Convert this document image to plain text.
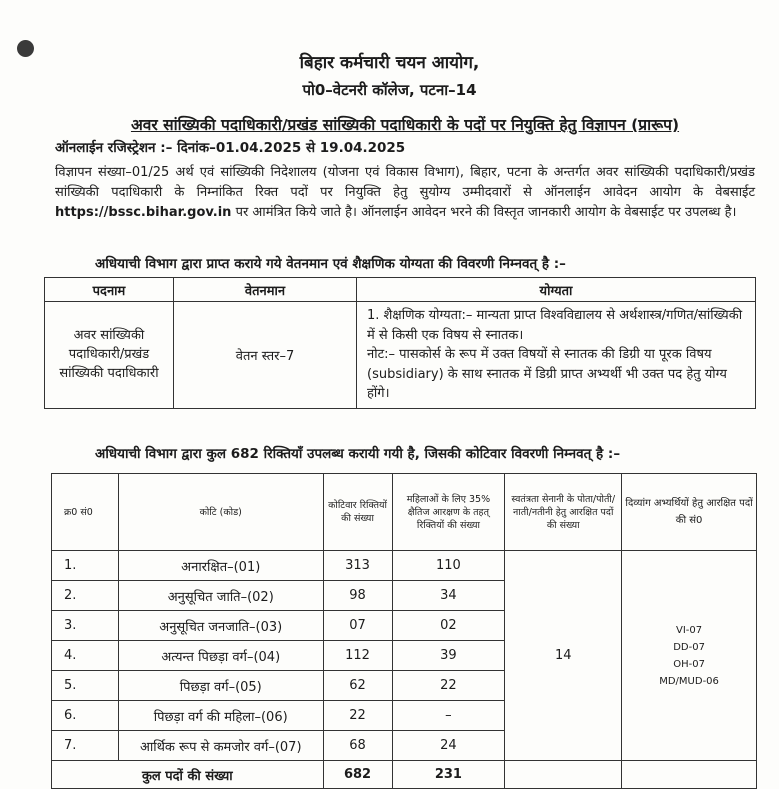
बिहार कर्मचारी चयन आयोग,
पो0–वेटनरी कॉलेज, पटना–14
अवर सांख्यिकी पदाधिकारी/प्रखंड सांख्यिकी पदाधिकारी के पदों पर नियुक्ति हेतु विज्ञापन (प्रारूप)
ऑनलाईन रजिस्ट्रेशन :– दिनांक–01.04.2025 से 19.04.2025
विज्ञापन संख्या–01/25 अर्थ एवं सांख्यिकी निदेशालय (योजना एवं विकास विभाग), बिहार, पटना के अन्तर्गत अवर सांख्यिकी पदाधिकारी/प्रखंड सांख्यिकी पदाधिकारी के निम्नांकित रिक्त पदों पर नियुक्ति हेतु सुयोग्य उम्मीदवारों से ऑनलाईन आवेदन आयोग के वेबसाईट https://bssc.bihar.gov.in पर आमंत्रित किये जाते है। ऑनलाईन आवेदन भरने की विस्तृत जानकारी आयोग के वेबसाईट पर उपलब्ध है।
अधियाची विभाग द्वारा प्राप्त कराये गये वेतनमान एवं शैक्षणिक योग्यता की विवरणी निम्नवत् है :–
पदनाम	वेतनमान	योग्यता
अवर सांख्यिकी पदाधिकारी/प्रखंड सांख्यिकी पदाधिकारी	वेतन स्तर–7	1. शैक्षणिक योग्यता:– मान्यता प्राप्त विश्वविद्यालय से अर्थशास्त्र/गणित/सांख्यिकी में से किसी एक विषय से स्नातक।
नोट:– पासकोर्स के रूप में उक्त विषयों से स्नातक की डिग्री या पूरक विषय (subsidiary) के साथ स्नातक में डिग्री प्राप्त अभ्यर्थी भी उक्त पद हेतु योग्य होंगे।
अधियाची विभाग द्वारा कुल 682 रिक्तियाँ उपलब्ध करायी गयी है, जिसकी कोटिवार विवरणी निम्नवत् है :–
क्र0 सं0	कोटि (कोड)	कोटिवार रिक्तियों की संख्या	महिलाओं के लिए 35% क्षैतिज आरक्षण के तहत् रिक्तियों की संख्या	स्वतंत्रता सेनानी के पोता/पोती/नाती/नतीनी हेतु आरक्षित पदों की संख्या	दिव्यांग अभ्यर्थियों हेतु आरक्षित पदों की सं0
1.	अनारक्षित–(01)	313	110	14	VI-07
DD-07
OH-07
MD/MUD-06

2.	अनुसूचित जाति–(02)	98	34		
3.	अनुसूचित जनजाति–(03)	07	02		
4.	अत्यन्त पिछड़ा वर्ग–(04)	112	39		
5.	पिछड़ा वर्ग–(05)	62	22		
6.	पिछड़ा वर्ग की महिला–(06)	22	–		
7.	आर्थिक रूप से कमजोर वर्ग–(07)	68	24		
कुल पदों की संख्या		682	231		
